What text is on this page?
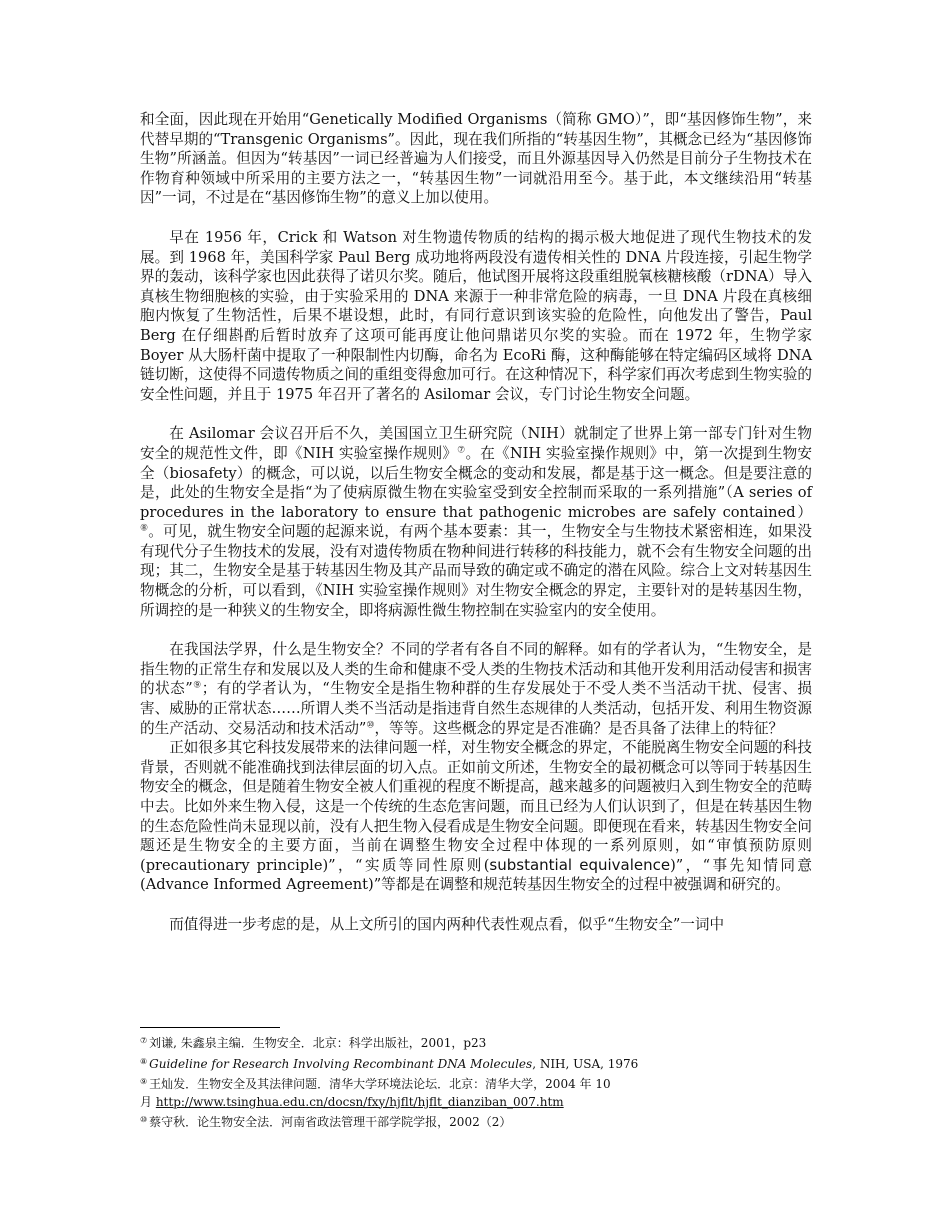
和全面，因此现在开始用“Genetically Modified Organisms（简称 GMO）”，即“基因修饰生物”，来代替早期的“Transgenic Organisms”。因此，现在我们所指的“转基因生物”，其概念已经为“基因修饰生物”所涵盖。但因为“转基因”一词已经普遍为人们接受，而且外源基因导入仍然是目前分子生物技术在作物育种领域中所采用的主要方法之一，“转基因生物”一词就沿用至今。基于此，本文继续沿用“转基因”一词，不过是在“基因修饰生物”的意义上加以使用。

早在 1956 年，Crick 和 Watson 对生物遗传物质的结构的揭示极大地促进了现代生物技术的发展。到 1968 年，美国科学家 Paul Berg 成功地将两段没有遗传相关性的 DNA 片段连接，引起生物学界的轰动，该科学家也因此获得了诺贝尔奖。随后，他试图开展将这段重组脱氧核糖核酸（rDNA）导入真核生物细胞核的实验，由于实验采用的 DNA 来源于一种非常危险的病毒，一旦 DNA 片段在真核细胞内恢复了生物活性，后果不堪设想，此时，有同行意识到该实验的危险性，向他发出了警告，Paul Berg 在仔细斟酌后暂时放弃了这项可能再度让他问鼎诺贝尔奖的实验。而在 1972 年，生物学家 Boyer 从大肠杆菌中提取了一种限制性内切酶，命名为 EcoRi 酶，这种酶能够在特定编码区域将 DNA 链切断，这使得不同遗传物质之间的重组变得愈加可行。在这种情况下，科学家们再次考虑到生物实验的安全性问题，并且于 1975 年召开了著名的 Asilomar 会议，专门讨论生物安全问题。

在 Asilomar 会议召开后不久，美国国立卫生研究院（NIH）就制定了世界上第一部专门针对生物安全的规范性文件，即《NIH 实验室操作规则》⑦。在《NIH 实验室操作规则》中，第一次提到生物安全（biosafety）的概念，可以说，以后生物安全概念的变动和发展，都是基于这一概念。但是要注意的是，此处的生物安全是指“为了使病原微生物在实验室受到安全控制而采取的一系列措施”（A series of procedures in the laboratory to ensure that pathogenic microbes are safely contained）⑧。可见，就生物安全问题的起源来说，有两个基本要素：其一，生物安全与生物技术紧密相连，如果没有现代分子生物技术的发展，没有对遗传物质在物种间进行转移的科技能力，就不会有生物安全问题的出现；其二，生物安全是基于转基因生物及其产品而导致的确定或不确定的潜在风险。综合上文对转基因生物概念的分析，可以看到，《NIH 实验室操作规则》对生物安全概念的界定，主要针对的是转基因生物，所调控的是一种狭义的生物安全，即将病源性微生物控制在实验室内的安全使用。

在我国法学界，什么是生物安全？不同的学者有各自不同的解释。如有的学者认为，“生物安全，是指生物的正常生存和发展以及人类的生命和健康不受人类的生物技术活动和其他开发利用活动侵害和损害的状态”⑨；有的学者认为，“生物安全是指生物种群的生存发展处于不受人类不当活动干扰、侵害、损害、威胁的正常状态……所谓人类不当活动是指违背自然生态规律的人类活动，包括开发、利用生物资源的生产活动、交易活动和技术活动”⑩，等等。这些概念的界定是否准确？是否具备了法律上的特征？

正如很多其它科技发展带来的法律问题一样，对生物安全概念的界定，不能脱离生物安全问题的科技背景，否则就不能准确找到法律层面的切入点。正如前文所述，生物安全的最初概念可以等同于转基因生物安全的概念，但是随着生物安全被人们重视的程度不断提高，越来越多的问题被归入到生物安全的范畴中去。比如外来生物入侵，这是一个传统的生态危害问题，而且已经为人们认识到了，但是在转基因生物的生态危险性尚未显现以前，没有人把生物入侵看成是生物安全问题。即便现在看来，转基因生物安全问题还是生物安全的主要方面，当前在调整生物安全过程中体现的一系列原则，如“审慎预防原则(precautionary principle)”，“实质等同性原则(substantial equivalence)”，“事先知情同意(Advance Informed Agreement)”等都是在调整和规范转基因生物安全的过程中被强调和研究的。

而值得进一步考虑的是，从上文所引的国内两种代表性观点看，似乎“生物安全”一词中

⑦ 刘谦, 朱鑫泉主编．生物安全．北京：科学出版社，2001，p23
⑧ Guideline for Research Involving Recombinant DNA Molecules, NIH, USA, 1976
⑨ 王灿发．生物安全及其法律问题．清华大学环境法论坛．北京：清华大学，2004 年 10
月 http://www.tsinghua.edu.cn/docsn/fxy/hjflt/hjflt_dianziban_007.htm
⑩ 蔡守秋．论生物安全法．河南省政法管理干部学院学报，2002（2）
